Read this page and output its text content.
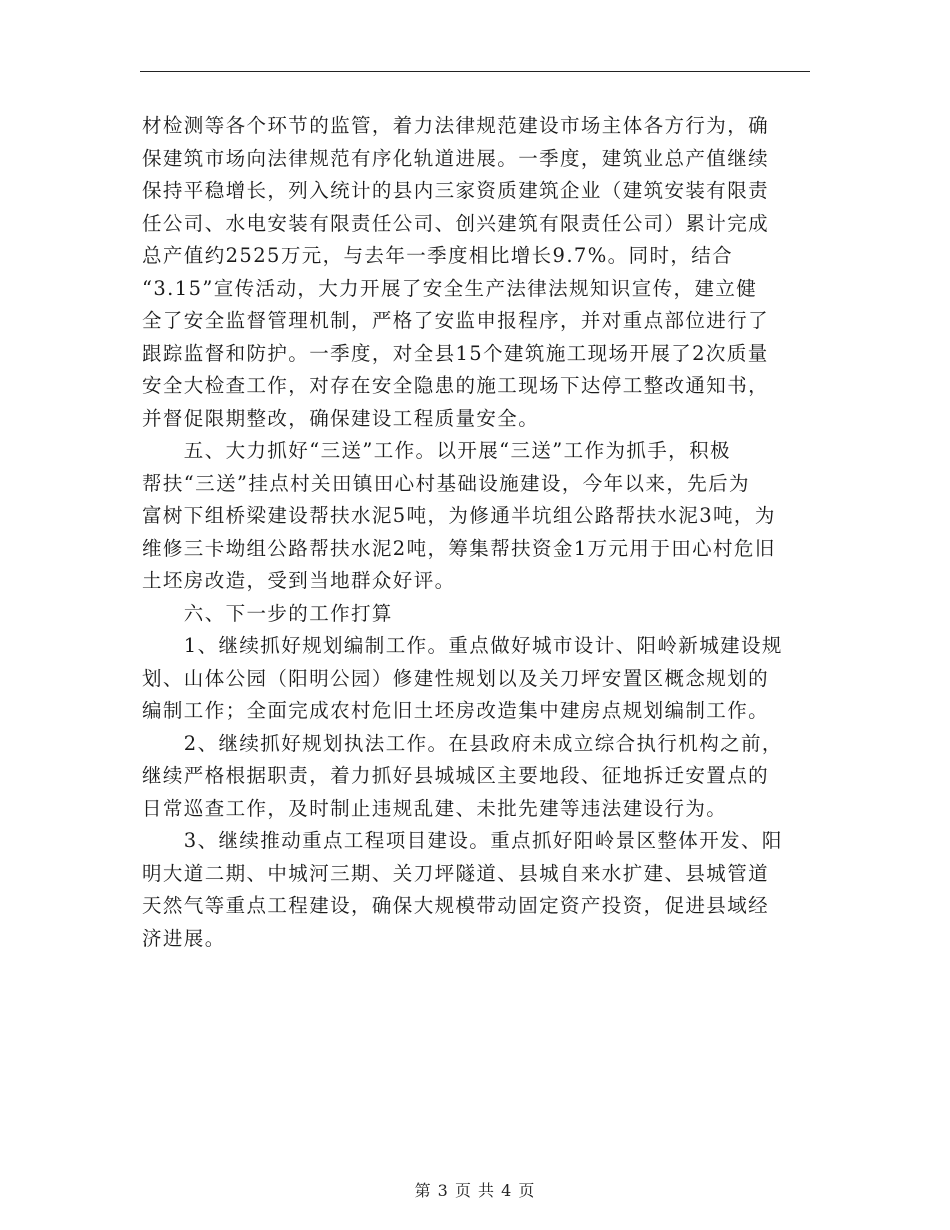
材检测等各个环节的监管，着力法律规范建设市场主体各方行为，确
保建筑市场向法律规范有序化轨道进展。一季度，建筑业总产值继续
保持平稳增长，列入统计的县内三家资质建筑企业（建筑安装有限责
任公司、水电安装有限责任公司、创兴建筑有限责任公司）累计完成
总产值约2525万元，与去年一季度相比增长9.7%。同时，结合
“3.15”宣传活动，大力开展了安全生产法律法规知识宣传，建立健
全了安全监督管理机制，严格了安监申报程序，并对重点部位进行了
跟踪监督和防护。一季度，对全县15个建筑施工现场开展了2次质量
安全大检查工作，对存在安全隐患的施工现场下达停工整改通知书，
并督促限期整改，确保建设工程质量安全。
　　五、大力抓好“三送”工作。以开展“三送”工作为抓手，积极
帮扶“三送”挂点村关田镇田心村基础设施建设，今年以来，先后为
富树下组桥梁建设帮扶水泥5吨，为修通半坑组公路帮扶水泥3吨，为
维修三卡坳组公路帮扶水泥2吨，筹集帮扶资金1万元用于田心村危旧
土坯房改造，受到当地群众好评。
　　六、下一步的工作打算
　　1、继续抓好规划编制工作。重点做好城市设计、阳岭新城建设规
划、山体公园（阳明公园）修建性规划以及关刀坪安置区概念规划的
编制工作；全面完成农村危旧土坯房改造集中建房点规划编制工作。
　　2、继续抓好规划执法工作。在县政府未成立综合执行机构之前，
继续严格根据职责，着力抓好县城城区主要地段、征地拆迁安置点的
日常巡查工作，及时制止违规乱建、未批先建等违法建设行为。
　　3、继续推动重点工程项目建设。重点抓好阳岭景区整体开发、阳
明大道二期、中城河三期、关刀坪隧道、县城自来水扩建、县城管道
天然气等重点工程建设，确保大规模带动固定资产投资，促进县域经
济进展。

第 3 页 共 4 页
